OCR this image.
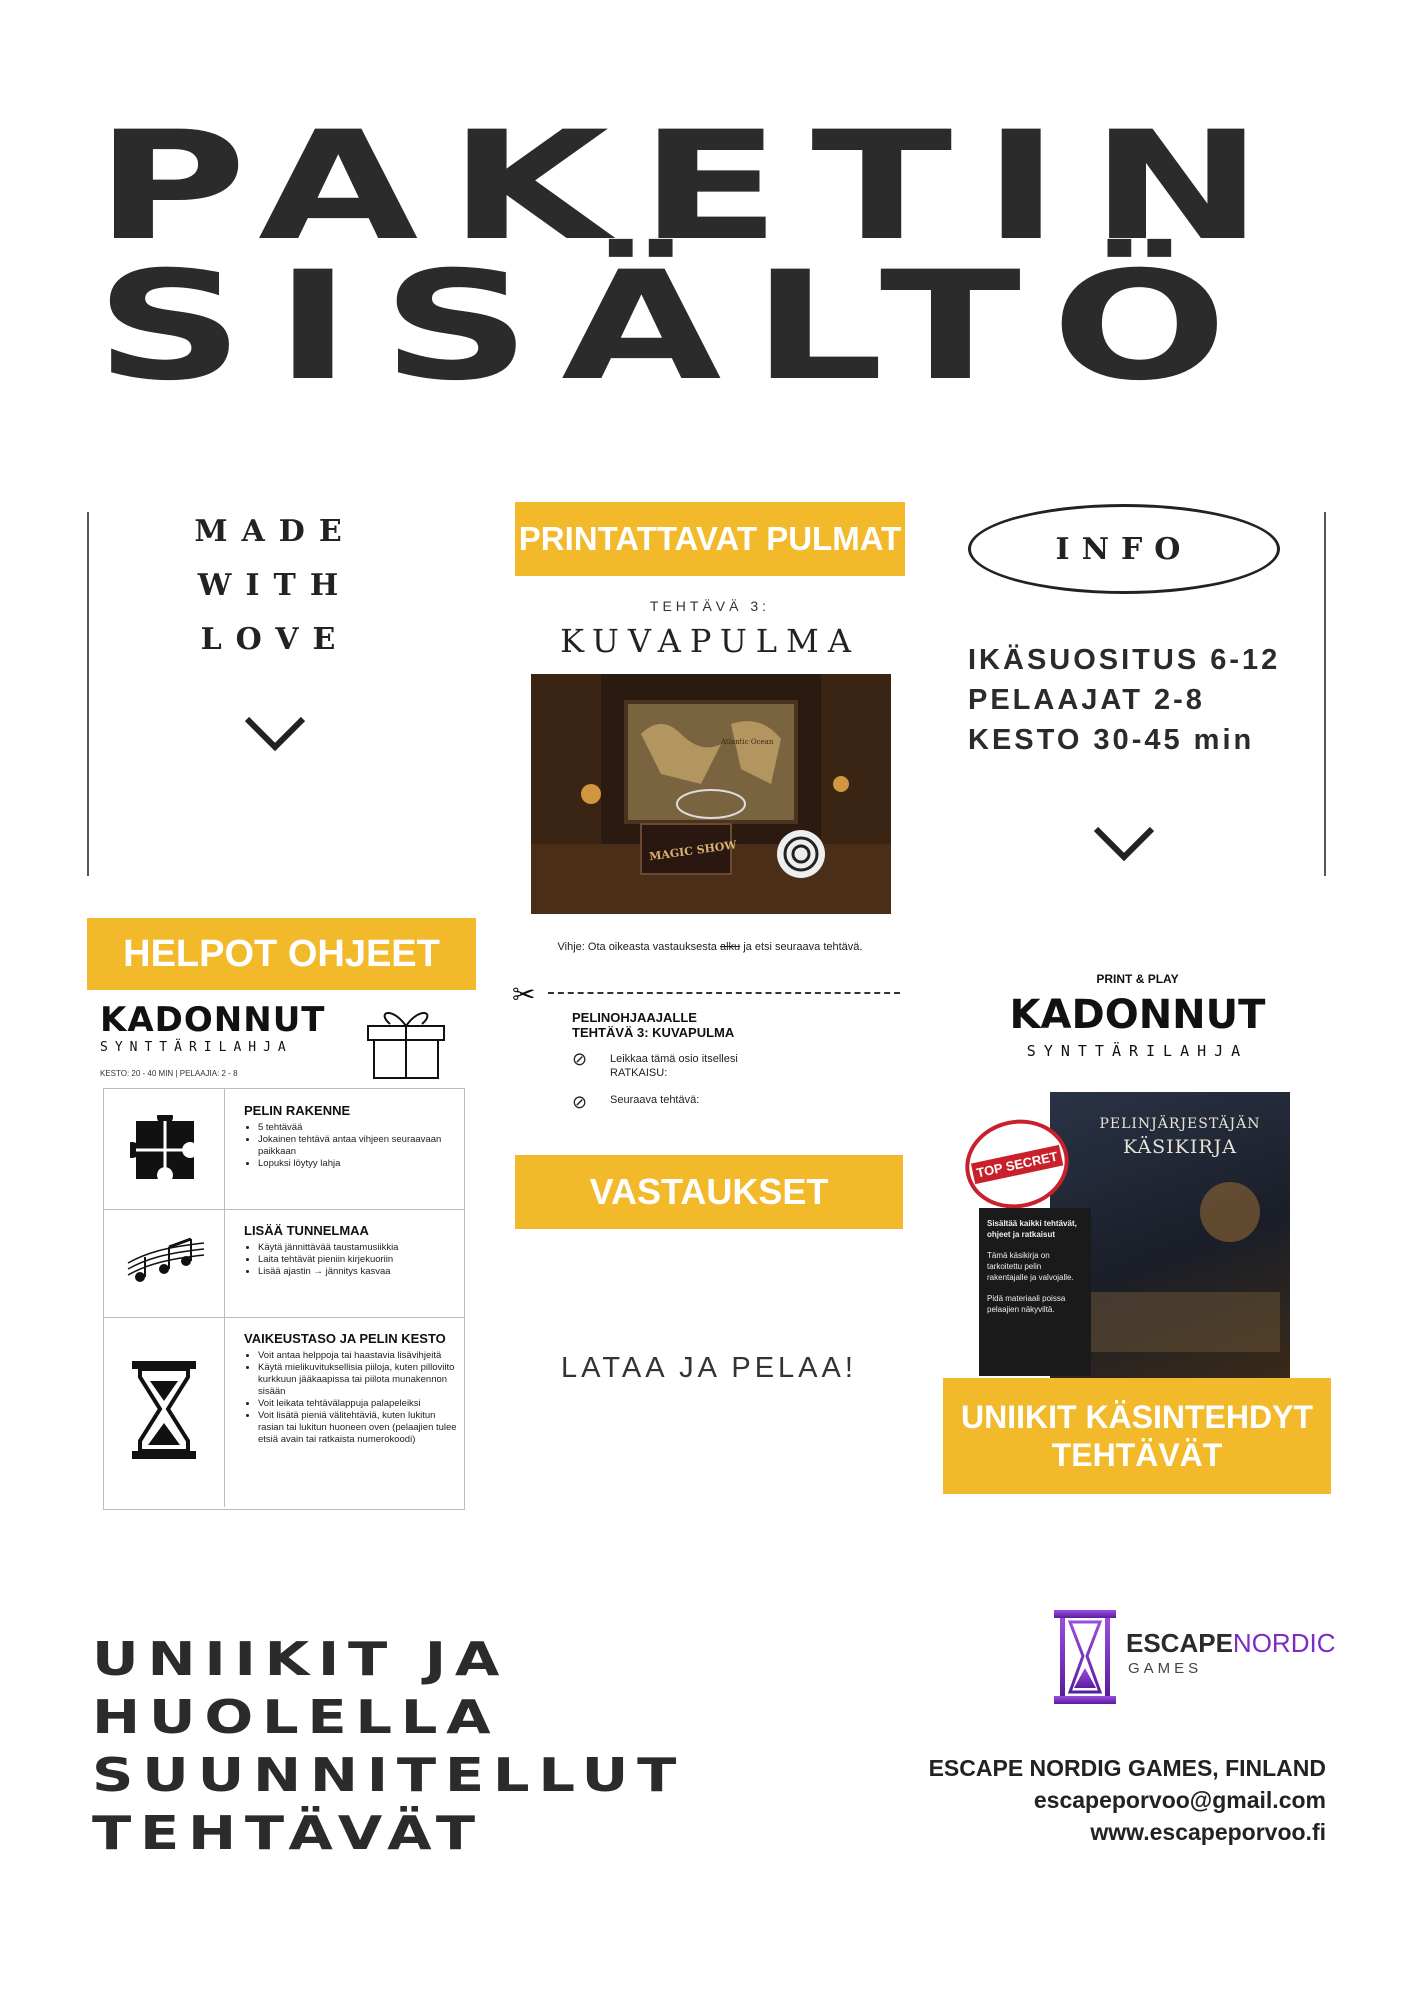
PAKETIN
SISÄLTÖ
MADE
WITH
LOVE
HELPOT OHJEET
KADONNUT
SYNTTÄRILAHJA
KESTO: 20 - 40 MIN | PELAAJIA: 2 - 8
PELIN RAKENNE
• 5 tehtävää
• Jokainen tehtävä antaa vihjeen seuraavaan paikkaan
• Lopuksi löytyy lahja
LISÄÄ TUNNELMAA
• Käytä jännittävää taustamusiikkia
• Laita tehtävät pieniin kirjekuoriin
• Lisää ajastin → jännitys kasvaa
VAIKEUSTASO JA PELIN KESTO
• Voit antaa helppoja tai haastavia lisävihjeitä
• Käytä mielikuvituksellisia piiloja, kuten pilloviito kurkkuun jääkaapissa tai piilota munakennon sisään
• Voit leikata tehtävälappuja palapeleiksi
• Voit lisätä pieniä välitehtäviä, kuten lukitun rasian tai lukitun huoneen oven (pelaajien tulee etsiä avain tai ratkaista numerokoodi)
PRINTATTAVAT PULMAT
TEHTÄVÄ 3:
KUVAPULMA
Atlantic Ocean
MAGIC SHOW
Vihje: Ota oikeasta vastauksesta alku ja etsi seuraava tehtävä.
✂
PELINOHJAAJALLE
TEHTÄVÄ 3: KUVAPULMA
⊘ Leikkaa tämä osio itsellesi
RATKAISU:
⊘ Seuraava tehtävä:
VASTAUKSET
LATAA JA PELAA!
INFO
IKÄSUOSITUS 6-12
PELAAJAT 2-8
KESTO 30-45 min
PRINT & PLAY
KADONNUT
SYNTTÄRILAHJA
PELINJÄRJESTÄJÄN
KÄSIKIRJA
TOP SECRET
Sisältää kaikki tehtävät, ohjeet ja ratkaisut
Tämä käsikirja on tarkoitettu pelin rakentajalle ja valvojalle.
Pidä materiaali poissa pelaajien näkyviltä.
UNIIKIT KÄSINTEHDYT
TEHTÄVÄT
UNIIKIT JA
HUOLELLA
SUUNNITELLUT
TEHTÄVÄT
ESCAPENORDIC
GAMES
ESCAPE NORDIG GAMES, FINLAND
escapeporvoo@gmail.com
www.escapeporvoo.fi
